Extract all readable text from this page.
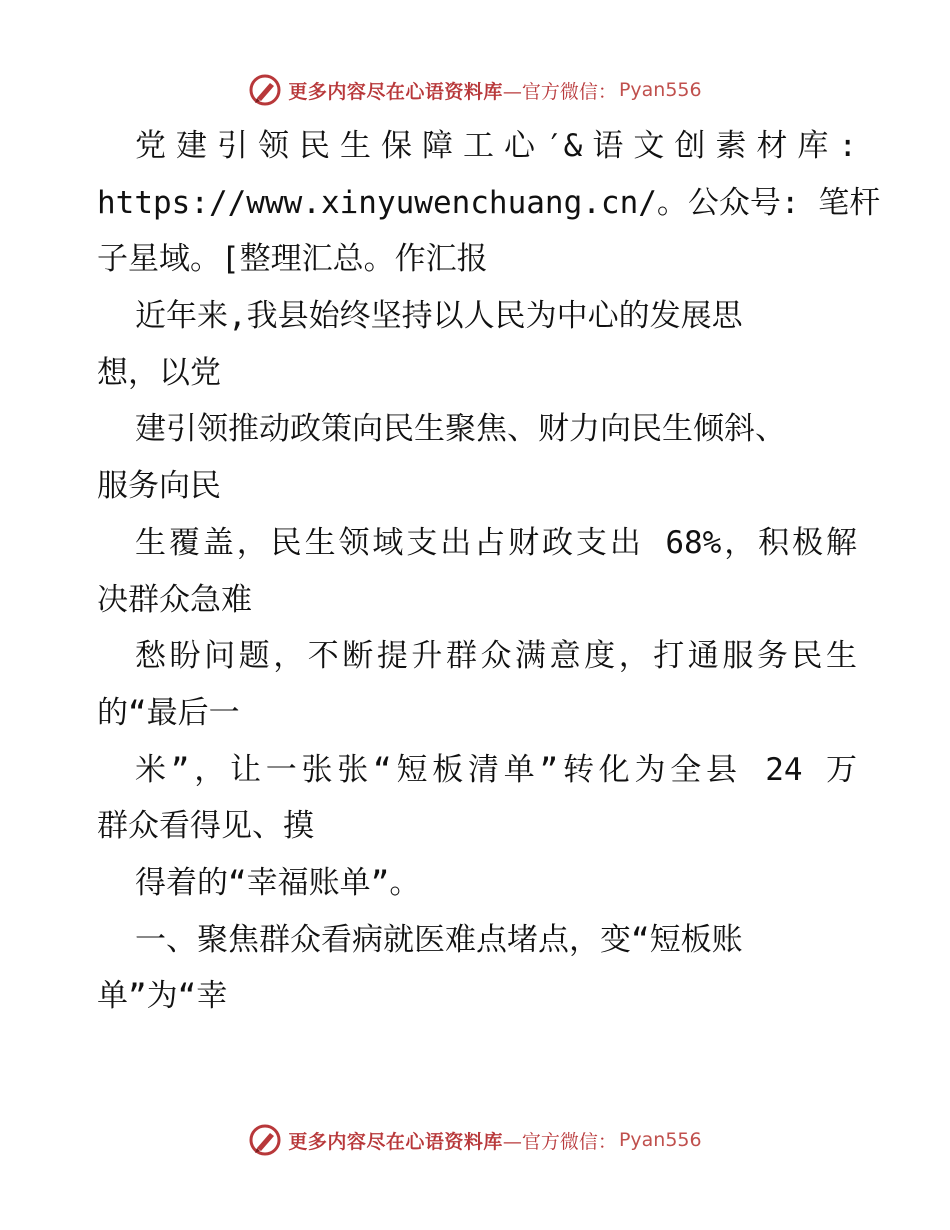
更多内容尽在心语资料库 —官方微信： Pyan556
党建引领民生保障工心′&语文创素材库:
https://www.xinyuwenchuang.cn/。公众号: 笔杆
子星域。[整理汇总。作汇报
近年来,我县始终坚持以人民为中心的发展思
想，以党
建引领推动政策向民生聚焦、财力向民生倾斜、
服务向民
生覆盖，民生领域支出占财政支出 68%，积极解
决群众急难
愁盼问题，不断提升群众满意度，打通服务民生
的“最后一
米”，让一张张“短板清单”转化为全县 24 万
群众看得见、摸
得着的“幸福账单”。
一、聚焦群众看病就医难点堵点，变“短板账
单”为“幸
更多内容尽在心语资料库 —官方微信： Pyan556
